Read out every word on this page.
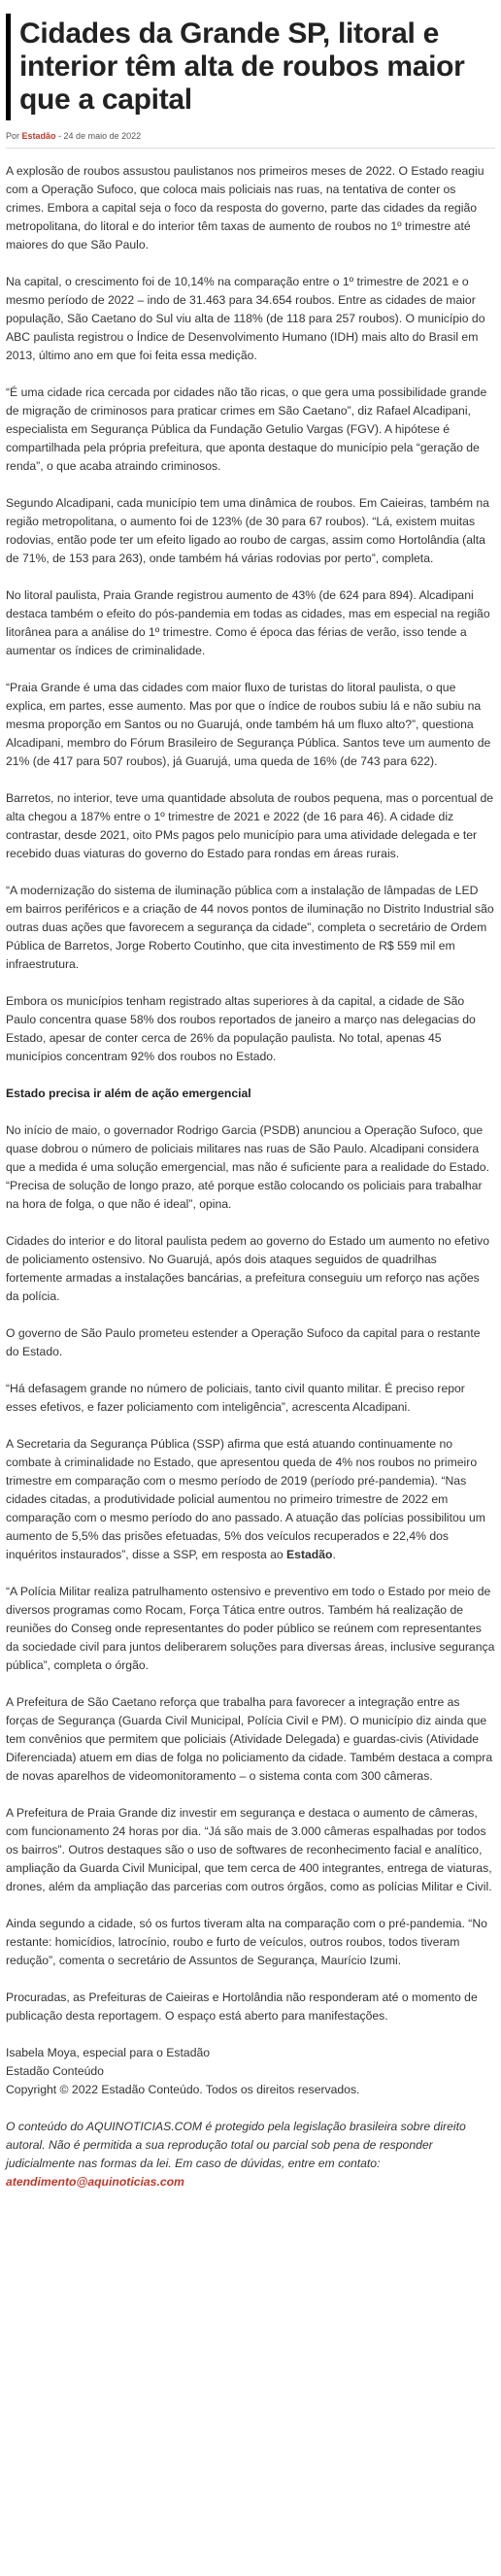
Cidades da Grande SP, litoral e interior têm alta de roubos maior que a capital
Por Estadão - 24 de maio de 2022

A explosão de roubos assustou paulistanos nos primeiros meses de 2022. O Estado reagiu com a Operação Sufoco, que coloca mais policiais nas ruas, na tentativa de conter os crimes. Embora a capital seja o foco da resposta do governo, parte das cidades da região metropolitana, do litoral e do interior têm taxas de aumento de roubos no 1º trimestre até maiores do que São Paulo.

Na capital, o crescimento foi de 10,14% na comparação entre o 1º trimestre de 2021 e o mesmo período de 2022 – indo de 31.463 para 34.654 roubos. Entre as cidades de maior população, São Caetano do Sul viu alta de 118% (de 118 para 257 roubos). O município do ABC paulista registrou o Índice de Desenvolvimento Humano (IDH) mais alto do Brasil em 2013, último ano em que foi feita essa medição.

“É uma cidade rica cercada por cidades não tão ricas, o que gera uma possibilidade grande de migração de criminosos para praticar crimes em São Caetano”, diz Rafael Alcadipani, especialista em Segurança Pública da Fundação Getulio Vargas (FGV). A hipótese é compartilhada pela própria prefeitura, que aponta destaque do município pela “geração de renda”, o que acaba atraindo criminosos.

Segundo Alcadipani, cada município tem uma dinâmica de roubos. Em Caieiras, também na região metropolitana, o aumento foi de 123% (de 30 para 67 roubos). “Lá, existem muitas rodovias, então pode ter um efeito ligado ao roubo de cargas, assim como Hortolândia (alta de 71%, de 153 para 263), onde também há várias rodovias por perto”, completa.

No litoral paulista, Praia Grande registrou aumento de 43% (de 624 para 894). Alcadipani destaca também o efeito do pós-pandemia em todas as cidades, mas em especial na região litorânea para a análise do 1º trimestre. Como é época das férias de verão, isso tende a aumentar os índices de criminalidade.

“Praia Grande é uma das cidades com maior fluxo de turistas do litoral paulista, o que explica, em partes, esse aumento. Mas por que o índice de roubos subiu lá e não subiu na mesma proporção em Santos ou no Guarujá, onde também há um fluxo alto?”, questiona Alcadipani, membro do Fórum Brasileiro de Segurança Pública. Santos teve um aumento de 21% (de 417 para 507 roubos), já Guarujá, uma queda de 16% (de 743 para 622).

Barretos, no interior, teve uma quantidade absoluta de roubos pequena, mas o porcentual de alta chegou a 187% entre o 1º trimestre de 2021 e 2022 (de 16 para 46). A cidade diz contrastar, desde 2021, oito PMs pagos pelo município para uma atividade delegada e ter recebido duas viaturas do governo do Estado para rondas em áreas rurais.

“A modernização do sistema de iluminação pública com a instalação de lâmpadas de LED em bairros periféricos e a criação de 44 novos pontos de iluminação no Distrito Industrial são outras duas ações que favorecem a segurança da cidade”, completa o secretário de Ordem Pública de Barretos, Jorge Roberto Coutinho, que cita investimento de R$ 559 mil em infraestrutura.

Embora os municípios tenham registrado altas superiores à da capital, a cidade de São Paulo concentra quase 58% dos roubos reportados de janeiro a março nas delegacias do Estado, apesar de conter cerca de 26% da população paulista. No total, apenas 45 municípios concentram 92% dos roubos no Estado.

Estado precisa ir além de ação emergencial

No início de maio, o governador Rodrigo Garcia (PSDB) anunciou a Operação Sufoco, que quase dobrou o número de policiais militares nas ruas de São Paulo. Alcadipani considera que a medida é uma solução emergencial, mas não é suficiente para a realidade do Estado. “Precisa de solução de longo prazo, até porque estão colocando os policiais para trabalhar na hora de folga, o que não é ideal”, opina.

Cidades do interior e do litoral paulista pedem ao governo do Estado um aumento no efetivo de policiamento ostensivo. No Guarujá, após dois ataques seguidos de quadrilhas fortemente armadas a instalações bancárias, a prefeitura conseguiu um reforço nas ações da polícia.

O governo de São Paulo prometeu estender a Operação Sufoco da capital para o restante do Estado.

“Há defasagem grande no número de policiais, tanto civil quanto militar. É preciso repor esses efetivos, e fazer policiamento com inteligência”, acrescenta Alcadipani.

A Secretaria da Segurança Pública (SSP) afirma que está atuando continuamente no combate à criminalidade no Estado, que apresentou queda de 4% nos roubos no primeiro trimestre em comparação com o mesmo período de 2019 (período pré-pandemia). “Nas cidades citadas, a produtividade policial aumentou no primeiro trimestre de 2022 em comparação com o mesmo período do ano passado. A atuação das polícias possibilitou um aumento de 5,5% das prisões efetuadas, 5% dos veículos recuperados e 22,4% dos inquéritos instaurados”, disse a SSP, em resposta ao Estadão.

“A Polícia Militar realiza patrulhamento ostensivo e preventivo em todo o Estado por meio de diversos programas como Rocam, Força Tática entre outros. Também há realização de reuniões do Conseg onde representantes do poder público se reúnem com representantes da sociedade civil para juntos deliberarem soluções para diversas áreas, inclusive segurança pública”, completa o órgão.

A Prefeitura de São Caetano reforça que trabalha para favorecer a integração entre as forças de Segurança (Guarda Civil Municipal, Polícia Civil e PM). O município diz ainda que tem convênios que permitem que policiais (Atividade Delegada) e guardas-civis (Atividade Diferenciada) atuem em dias de folga no policiamento da cidade. Também destaca a compra de novas aparelhos de videomonitoramento – o sistema conta com 300 câmeras.

A Prefeitura de Praia Grande diz investir em segurança e destaca o aumento de câmeras, com funcionamento 24 horas por dia. “Já são mais de 3.000 câmeras espalhadas por todos os bairros”. Outros destaques são o uso de softwares de reconhecimento facial e analítico, ampliação da Guarda Civil Municipal, que tem cerca de 400 integrantes, entrega de viaturas, drones, além da ampliação das parcerias com outros órgãos, como as polícias Militar e Civil.

Ainda segundo a cidade, só os furtos tiveram alta na comparação com o pré-pandemia. “No restante: homicídios, latrocínio, roubo e furto de veículos, outros roubos, todos tiveram redução”, comenta o secretário de Assuntos de Segurança, Maurício Izumi.

Procuradas, as Prefeituras de Caieiras e Hortolândia não responderam até o momento de publicação desta reportagem. O espaço está aberto para manifestações.

Isabela Moya, especial para o Estadão
Estadão Conteúdo
Copyright © 2022 Estadão Conteúdo. Todos os direitos reservados.

O conteúdo do AQUINOTICIAS.COM é protegido pela legislação brasileira sobre direito autoral. Não é permitida a sua reprodução total ou parcial sob pena de responder judicialmente nas formas da lei. Em caso de dúvidas, entre em contato: atendimento@aquinoticias.com
